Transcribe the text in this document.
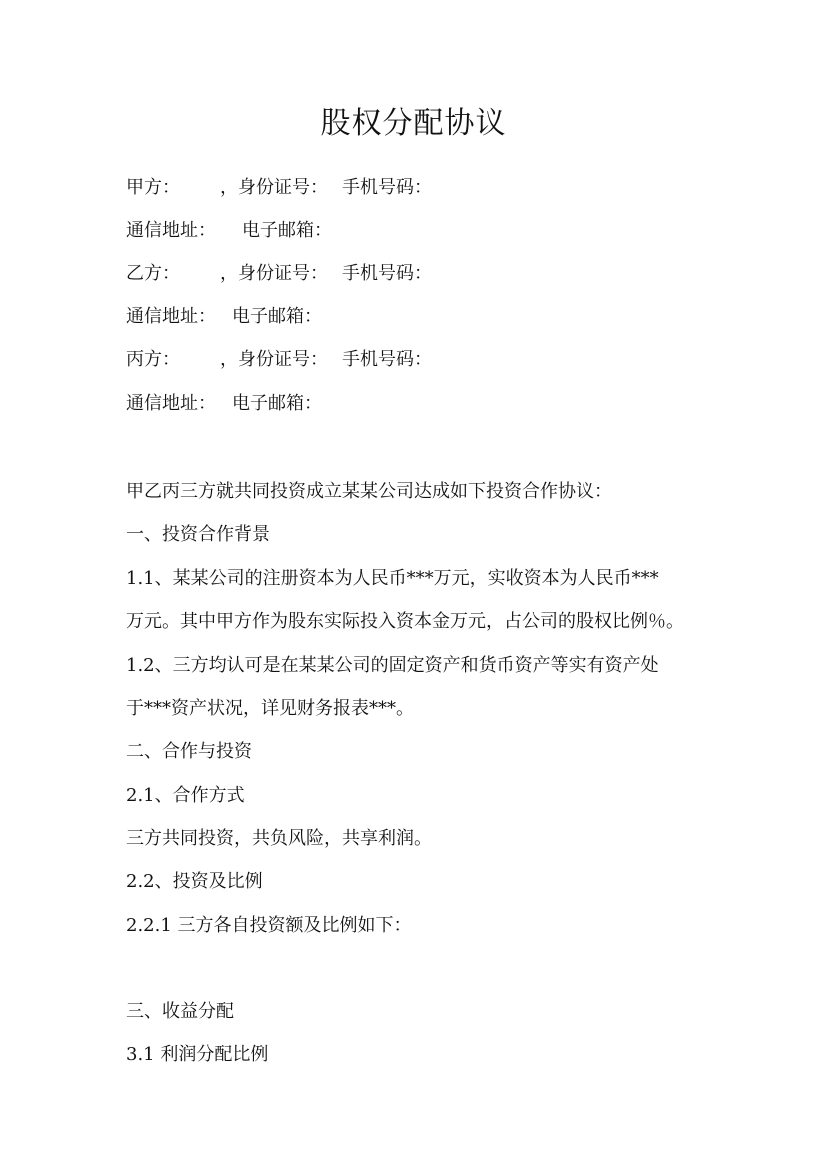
股权分配协议
甲方： ，身份证号： 手机号码：
通信地址： 电子邮箱：
乙方： ，身份证号： 手机号码：
通信地址： 电子邮箱：
丙方： ，身份证号： 手机号码：
通信地址： 电子邮箱：
甲乙丙三方就共同投资成立某某公司达成如下投资合作协议：
一、投资合作背景
1.1、某某公司的注册资本为人民币***万元，实收资本为人民币***
万元。其中甲方作为股东实际投入资本金万元，占公司的股权比例％。
1.2、三方均认可是在某某公司的固定资产和货币资产等实有资产处
于***资产状况，详见财务报表***。
二、合作与投资
2.1、合作方式
三方共同投资，共负风险，共享利润。
2.2、投资及比例
2.2.1 三方各自投资额及比例如下：
三、收益分配
3.1 利润分配比例
